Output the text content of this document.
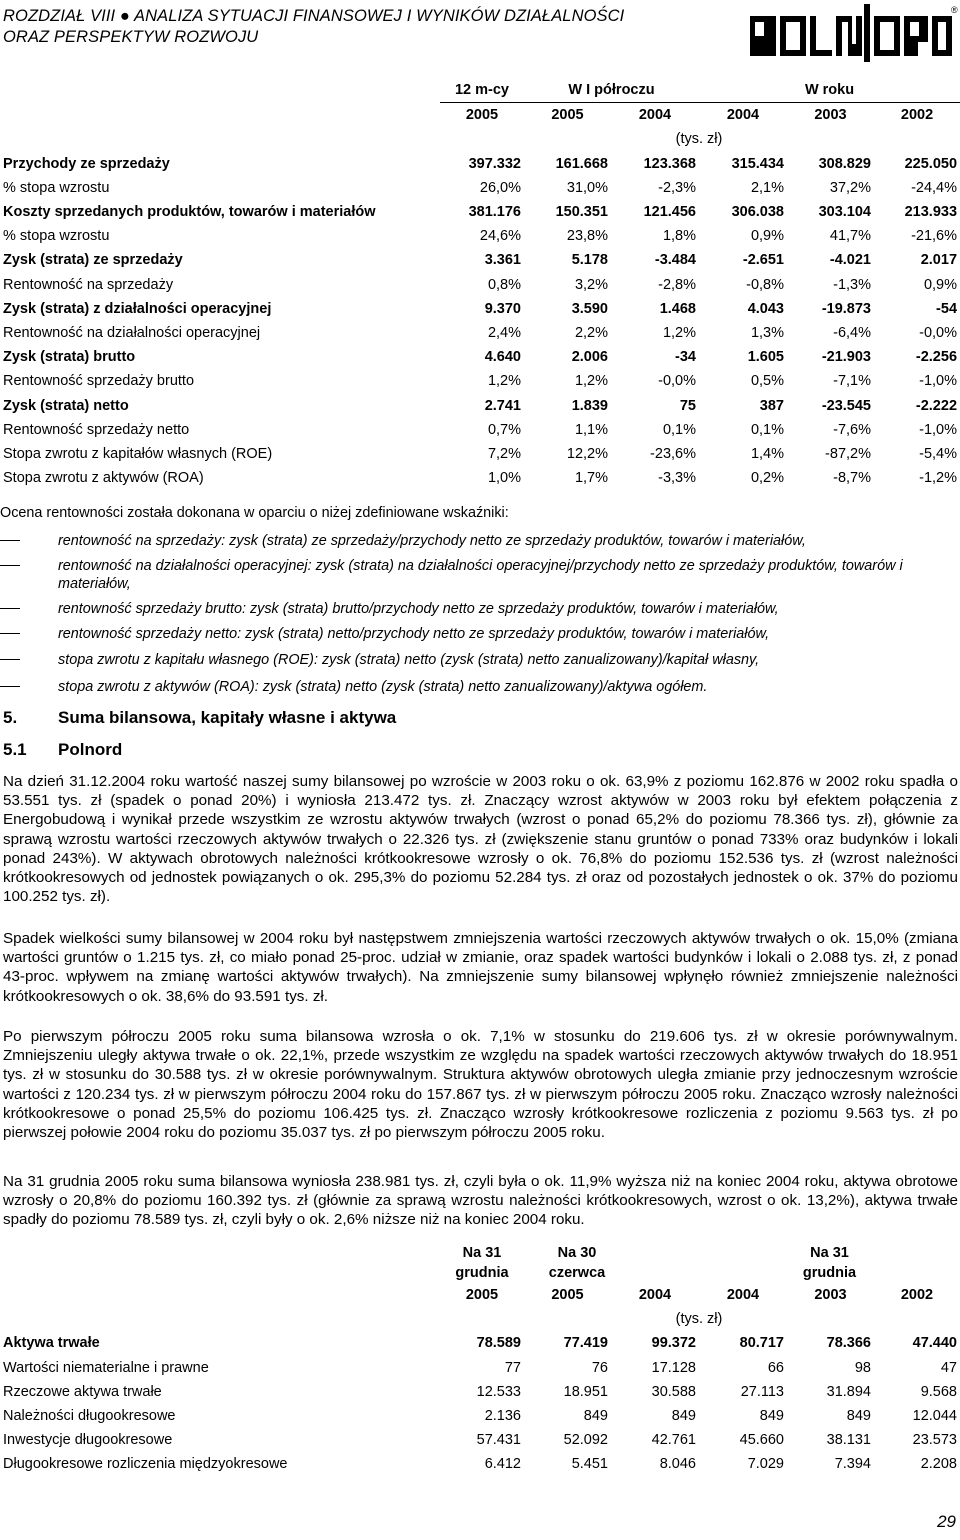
ROZDZIAŁ VIII ● ANALIZA SYTUACJI FINANSOWEJ I WYNIKÓW DZIAŁALNOŚCI
ORAZ PERSPEKTYW ROZWOJU
®
	12 m-cy	W I półroczu		W roku		
	2005	2005	2004	2004	2003	2002
			(tys. zł)			
Przychody ze sprzedaży	397.332	161.668	123.368	315.434	308.829	225.050
% stopa wzrostu	26,0%	31,0%	-2,3%	2,1%	37,2%	-24,4%
Koszty sprzedanych produktów, towarów i materiałów	381.176	150.351	121.456	306.038	303.104	213.933
% stopa wzrostu	24,6%	23,8%	1,8%	0,9%	41,7%	-21,6%
Zysk (strata) ze sprzedaży	3.361	5.178	-3.484	-2.651	-4.021	2.017
Rentowność na sprzedaży	0,8%	3,2%	-2,8%	-0,8%	-1,3%	0,9%
Zysk (strata) z działalności operacyjnej	9.370	3.590	1.468	4.043	-19.873	-54
Rentowność na działalności operacyjnej	2,4%	2,2%	1,2%	1,3%	-6,4%	-0,0%
Zysk (strata) brutto	4.640	2.006	-34	1.605	-21.903	-2.256
Rentowność sprzedaży brutto	1,2%	1,2%	-0,0%	0,5%	-7,1%	-1,0%
Zysk (strata) netto	2.741	1.839	75	387	-23.545	-2.222
Rentowność sprzedaży netto	0,7%	1,1%	0,1%	0,1%	-7,6%	-1,0%
Stopa zwrotu z kapitałów własnych (ROE)	7,2%	12,2%	-23,6%	1,4%	-87,2%	-5,4%
Stopa zwrotu z aktywów (ROA)	1,0%	1,7%	-3,3%	0,2%	-8,7%	-1,2%
Ocena rentowności została dokonana w oparciu o niżej zdefiniowane wskaźniki:
rentowność na sprzedaży: zysk (strata) ze sprzedaży/przychody netto ze sprzedaży produktów, towarów i materiałów,
rentowność na działalności operacyjnej: zysk (strata) na działalności operacyjnej/przychody netto ze sprzedaży produktów, towarów i materiałów,
rentowność sprzedaży brutto: zysk (strata) brutto/przychody netto ze sprzedaży produktów, towarów i materiałów,
rentowność sprzedaży netto: zysk (strata) netto/przychody netto ze sprzedaży produktów, towarów i materiałów,
stopa zwrotu z kapitału własnego (ROE): zysk (strata) netto (zysk (strata) netto zanualizowany)/kapitał własny,
stopa zwrotu z aktywów (ROA): zysk (strata) netto (zysk (strata) netto zanualizowany)/aktywa ogółem.
5. Suma bilansowa, kapitały własne i aktywa
5.1 Polnord
Na dzień 31.12.2004 roku wartość naszej sumy bilansowej po wzroście w 2003 roku o ok. 63,9% z poziomu 162.876 w 2002 roku spadła o 53.551 tys. zł (spadek o ponad 20%) i wyniosła 213.472 tys. zł. Znaczący wzrost aktywów w 2003 roku był efektem połączenia z Energobudową i wynikał przede wszystkim ze wzrostu aktywów trwałych (wzrost o ponad 65,2% do poziomu 78.366 tys. zł), głównie za sprawą wzrostu wartości rzeczowych aktywów trwałych o 22.326 tys. zł (zwiększenie stanu gruntów o ponad 733% oraz budynków i lokali ponad 243%). W aktywach obrotowych należności krótkookresowe wzrosły o ok. 76,8% do poziomu 152.536 tys. zł (wzrost należności krótkookresowych od jednostek powiązanych o ok. 295,3% do poziomu 52.284 tys. zł oraz od pozostałych jednostek o ok. 37% do poziomu 100.252 tys. zł).
Spadek wielkości sumy bilansowej w 2004 roku był następstwem zmniejszenia wartości rzeczowych aktywów trwałych o ok. 15,0% (zmiana wartości gruntów o 1.215 tys. zł, co miało ponad 25-proc. udział w zmianie, oraz spadek wartości budynków i lokali o 2.088 tys. zł, z ponad 43-proc. wpływem na zmianę wartości aktywów trwałych). Na zmniejszenie sumy bilansowej wpłynęło również zmniejszenie należności krótkookresowych o ok. 38,6% do 93.591 tys. zł.
Po pierwszym półroczu 2005 roku suma bilansowa wzrosła o ok. 7,1% w stosunku do 219.606 tys. zł w okresie porównywalnym. Zmniejszeniu uległy aktywa trwałe o ok. 22,1%, przede wszystkim ze względu na spadek wartości rzeczowych aktywów trwałych do 18.951 tys. zł w stosunku do 30.588 tys. zł w okresie porównywalnym. Struktura aktywów obrotowych uległa zmianie przy jednoczesnym wzroście wartości z 120.234 tys. zł w pierwszym półroczu 2004 roku do 157.867 tys. zł w pierwszym półroczu 2005 roku. Znacząco wzrosły należności krótkookresowe o ponad 25,5% do poziomu 106.425 tys. zł. Znacząco wzrosły krótkookresowe rozliczenia z poziomu 9.563 tys. zł po pierwszej połowie 2004 roku do poziomu 35.037 tys. zł po pierwszym półroczu 2005 roku.
Na 31 grudnia 2005 roku suma bilansowa wyniosła 238.981 tys. zł, czyli była o ok. 11,9% wyższa niż na koniec 2004 roku, aktywa obrotowe wzrosły o 20,8% do poziomu 160.392 tys. zł (głównie za sprawą wzrostu należności krótkookresowych, wzrost o ok. 13,2%), aktywa trwałe spadły do poziomu 78.589 tys. zł, czyli były o ok. 2,6% niższe niż na koniec 2004 roku.

	Na 31 grudnia	Na 30 czerwca		Na 31 grudnia		

	2005	2005	2004	2004	2003	2002
			(tys. zł)			
Aktywa trwałe	78.589	77.419	99.372	80.717	78.366	47.440
Wartości niematerialne i prawne	77	76	17.128	66	98	47
Rzeczowe aktywa trwałe	12.533	18.951	30.588	27.113	31.894	9.568
Należności długookresowe	2.136	849	849	849	849	12.044
Inwestycje długookresowe	57.431	52.092	42.761	45.660	38.131	23.573
Długookresowe rozliczenia międzyokresowe	6.412	5.451	8.046	7.029	7.394	2.208
29
